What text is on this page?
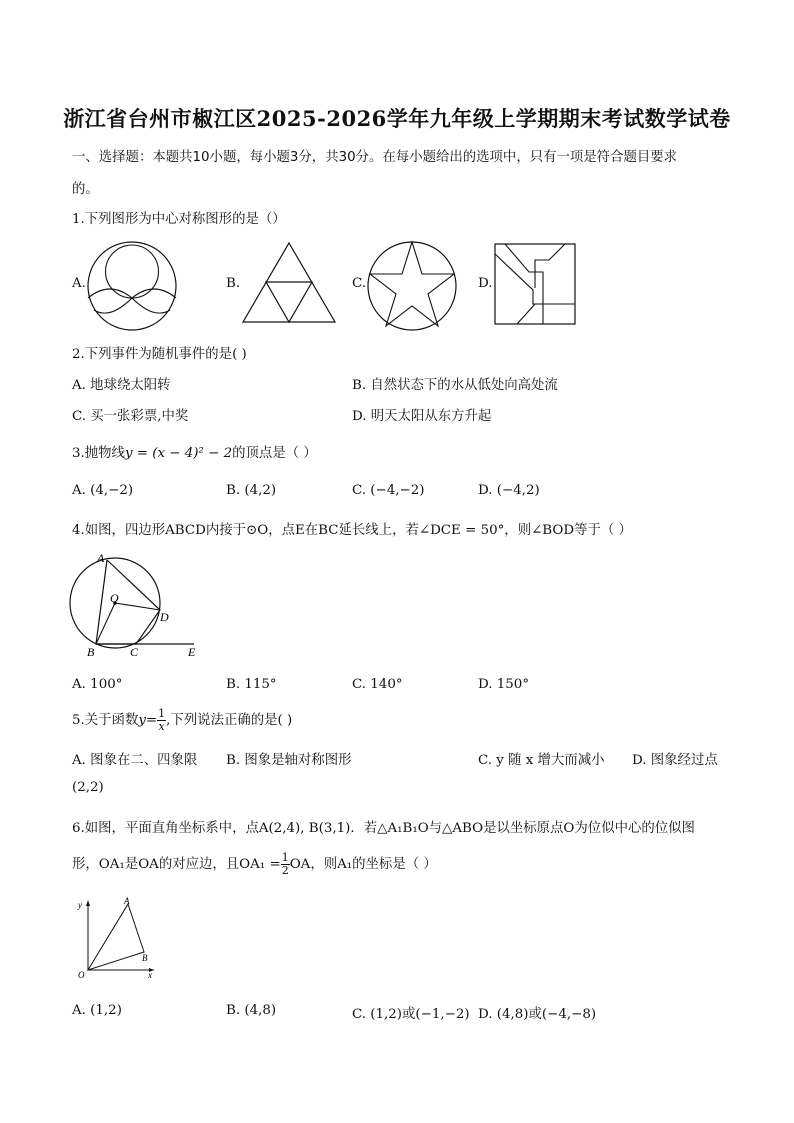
浙江省台州市椒江区2025-2026学年九年级上学期期末考试数学试卷
一、选择题：本题共10小题，每小题3分，共30分。在每小题给出的选项中，只有一项是符合题目要求
的。
1.下列图形为中心对称图形的是（）
A.	B.	C.	D.
2.下列事件为随机事件的是( )
A. 地球绕太阳转	B. 自然状态下的水从低处向高处流
C. 买一张彩票,中奖	D. 明天太阳从东方升起
3.抛物线y = (x − 4)² − 2的顶点是（ ）
A. (4,−2)	B. (4,2)	C. (−4,−2)	D. (−4,2)
4.如图，四边形ABCD内接于⊙O，点E在BC延长线上，若∠DCE = 50°，则∠BOD等于（ ）
A
O
D
B	C	E
A. 100°	B. 115°	C. 140°	D. 150°
5.关于函数$y= \frac{1}{x}$ ,下列说法正确的是( )
A. 图象在二、四象限 B. 图象是轴对称图形	C. y 随 x 增大而减小 D. 图象经过点
(2,2)
6.如图，平面直角坐标系中，点A(2,4), B(3,1)．若△A₁B₁O与△ABO是以坐标原点O为位似中心的位似图
形，OA₁是OA的对应边，且$OA_1 = \frac{1}{2}$ OA，则A₁的坐标是（ ）
y	A
B
O	x
A. (1,2)	B. (4,8)	C. (1,2)或(−1,−2) D. (4,8)或(−4,−8)
